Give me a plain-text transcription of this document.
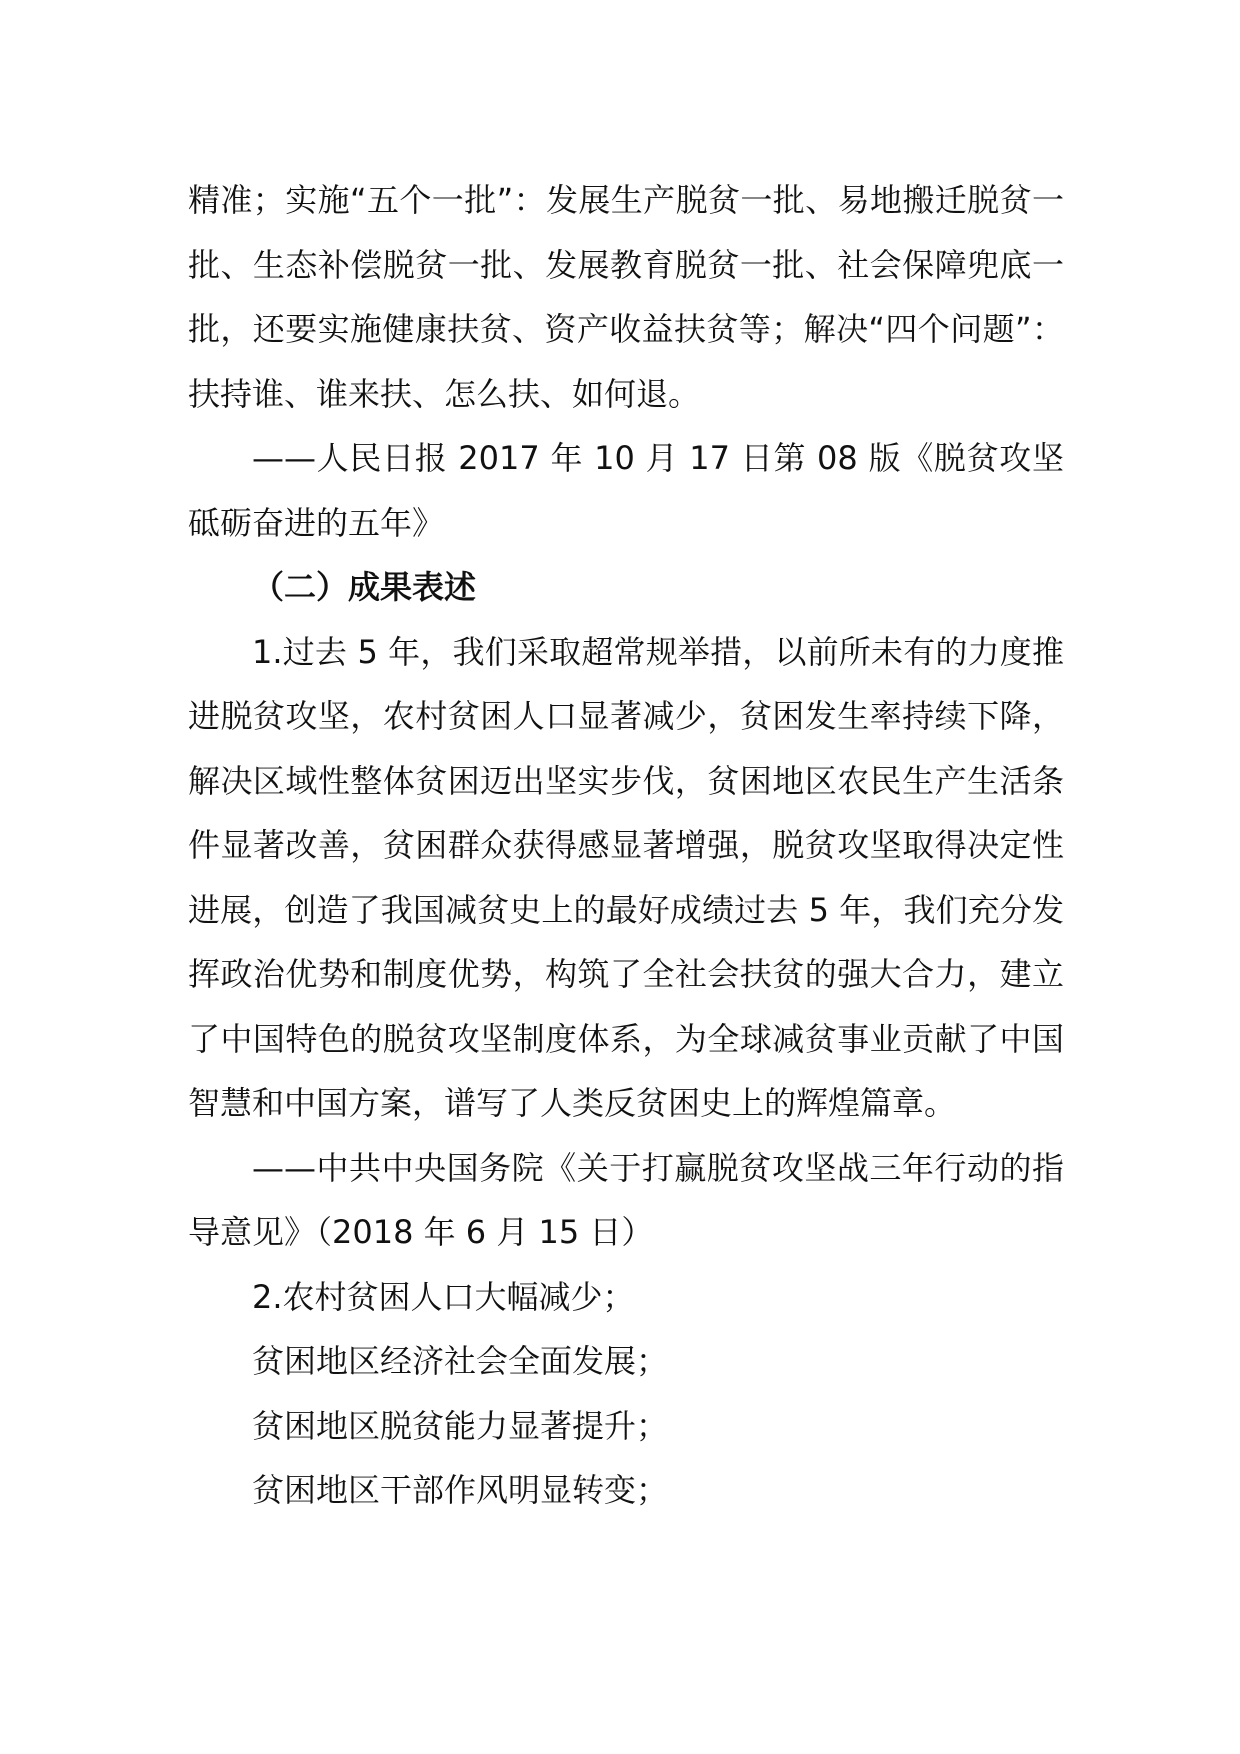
精准；实施“五个一批”：发展生产脱贫一批、易地搬迁脱贫一批、生态补偿脱贫一批、发展教育脱贫一批、社会保障兜底一批，还要实施健康扶贫、资产收益扶贫等；解决“四个问题”：扶持谁、谁来扶、怎么扶、如何退。

——人民日报 2017 年 10 月 17 日第 08 版《脱贫攻坚砥砺奋进的五年》

（二）成果表述

1.过去 5 年，我们采取超常规举措，以前所未有的力度推进脱贫攻坚，农村贫困人口显著减少，贫困发生率持续下降，解决区域性整体贫困迈出坚实步伐，贫困地区农民生产生活条件显著改善，贫困群众获得感显著增强，脱贫攻坚取得决定性进展，创造了我国减贫史上的最好成绩过去 5 年，我们充分发挥政治优势和制度优势，构筑了全社会扶贫的强大合力，建立了中国特色的脱贫攻坚制度体系，为全球减贫事业贡献了中国智慧和中国方案，谱写了人类反贫困史上的辉煌篇章。

——中共中央国务院《关于打赢脱贫攻坚战三年行动的指导意见》（2018 年 6 月 15 日）

2.农村贫困人口大幅减少；

贫困地区经济社会全面发展；

贫困地区脱贫能力显著提升；

贫困地区干部作风明显转变；
